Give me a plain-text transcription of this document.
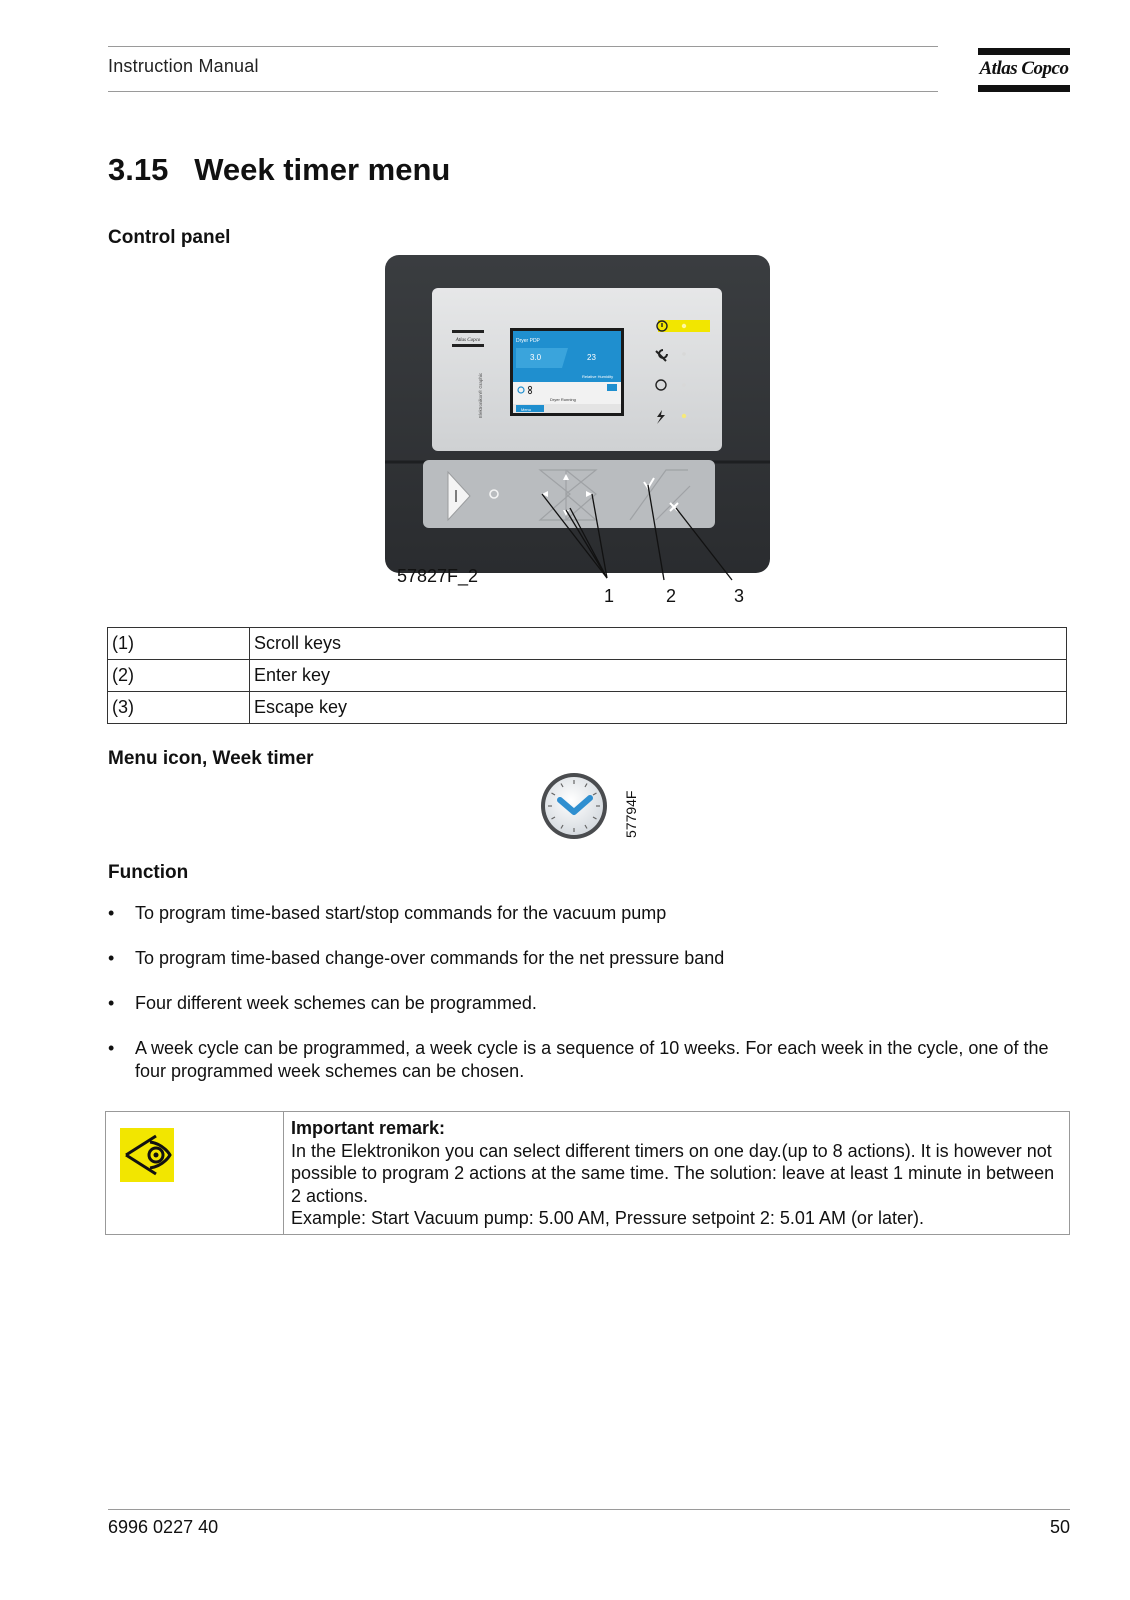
Instruction Manual	Atlas Copco
3.15 Week timer menu
Control panel
Atlas Copco
Elektronikon® Graphic
Dryer PDP
3.0	23
Relative Humidity
Dryer Running
Menu
57827F_2
1	2	3
(1)	Scroll keys
(2)	Enter key
(3)	Escape key
Menu icon, Week timer
57794F
Function
• To program time-based start/stop commands for the vacuum pump
• To program time-based change-over commands for the net pressure band
• Four different week schemes can be programmed.
• A week cycle can be programmed, a week cycle is a sequence of 10 weeks. For each week in the cycle, one of the four programmed week schemes can be chosen.
Important remark:
In the Elektronikon you can select different timers on one day.(up to 8 actions). It is however not possible to program 2 actions at the same time. The solution: leave at least 1 minute in between 2 actions.
Example: Start Vacuum pump: 5.00 AM, Pressure setpoint 2: 5.01 AM (or later).
6996 0227 40	50
